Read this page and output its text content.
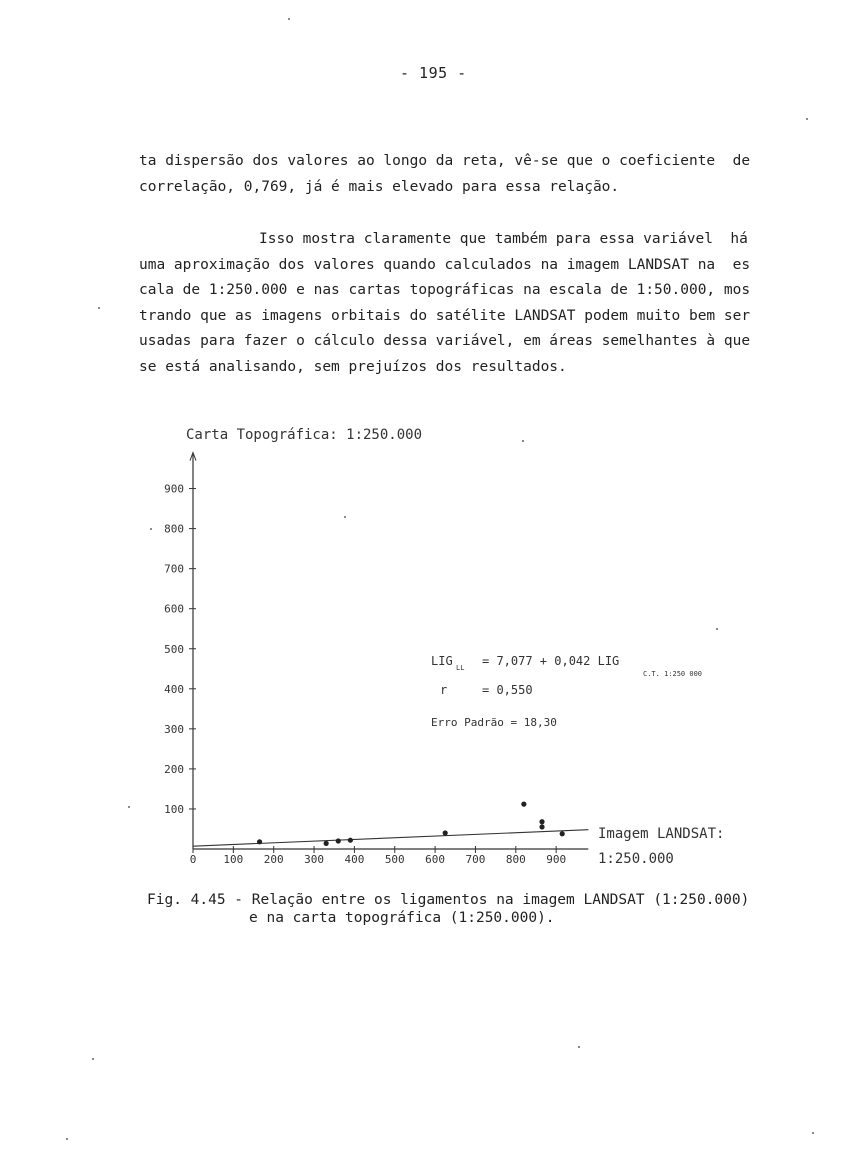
- 195 -
ta dispersão dos valores ao longo da reta, vê-se que o coeficiente  de
correlação, 0,769, já é mais elevado para essa relação.
Isso mostra claramente que também para essa variável  há
uma aproximação dos valores quando calculados na imagem LANDSAT na  es
cala de 1:250.000 e nas cartas topográficas na escala de 1:50.000, mos
trando que as imagens orbitais do satélite LANDSAT podem muito bem ser
usadas para fazer o cálculo dessa variável, em áreas semelhantes à que
se está analisando, sem prejuízos dos resultados.
Carta Topográfica: 1:250.000
Imagem LANDSAT:
1:250.000
LIG LL = 7,077 + 0,042 LIG
C.T. 1:250 000
r	= 0,550
Erro Padrão = 18,30
100
200
300
400
500
600
700
800
900
0 100 200 300 400 500 600 700 800 900
Fig. 4.45 - Relação entre os ligamentos na imagem LANDSAT (1:250.000)
e na carta topográfica (1:250.000).
